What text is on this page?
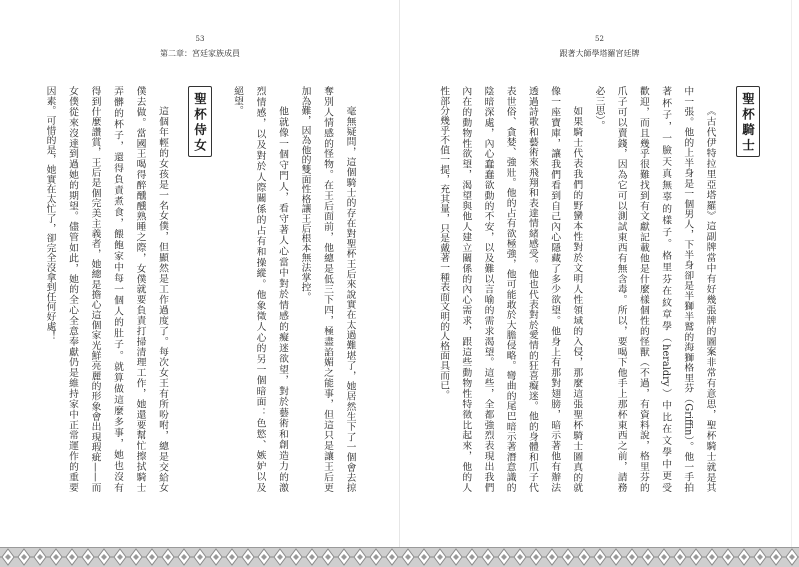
53
第二章：宮廷家族成員
毫無疑問，這個騎士的存在對聖杯王后來說實在太過難堪了，她居然生下了一個會去掠
奪別人情感的怪物。在王后面前，他總是低三下四，極盡諂媚之能事，但這只是讓王后更
加為難，因為他的雙面性格讓王后根本無法掌控。
他就像一個守門人，看守著人心當中對於情感的癡迷欲望，對於藝術和創造力的激
烈情感，以及對於人際關係的占有和操縱。他象徵人心的另一個暗面：色慾、嫉妒以及
絕望。
聖杯侍女
這個年輕的女孩是一名女僕，但顯然是工作過度了。每次女王有所吩咐，總是交給女
僕去做。當國王喝得醉醺醺熟睡之際，女僕就要負責打掃清理工作，她還要幫忙擦拭騎士
弄髒的杯子，還得負責煮食，餵飽家中每一個人的肚子。就算做這麼多事，她也沒有
得到什麼讚賞，王后是個完美主義者，她總是擔心這個家光鮮亮麗的形象會出現瑕疵——而
女僕從來沒達到過她的期望。儘管如此，她的全心全意奉獻仍是維持家中正常運作的重要
因素。可惜的是，她實在太忙了，卻完全沒拿到任何好處！
52
跟著大師學塔羅宮廷牌
聖杯騎士
《古代伊特拉里亞塔羅》這副牌當中有好幾張牌的圖案非常有意思，聖杯騎士就是其
中一張。他的上半身是一個男人，下半身卻是半獅半鷲的海獅格里芬（Griffin）。他一手拍
著杯子，一臉天真無辜的樣子。格里芬在紋章學（heraldry）中比在文學中更受
歡迎，而且幾乎很難找到有文獻記載他是什麼樣個性的怪獸（不過，有資料說，格里芬的
爪子可以賣錢，因為它可以測試東西有無含毒。所以，要喝下他手上那杯東西之前，請務
必三思）。
如果騎士代表我們的野蠻本性對於文明人性領域的入侵，那麼這張聖杯騎士圖真的就
像一座寶庫，讓我們看到自己內心隱藏了多少欲望。他身上有那對翅膀，暗示著他有辦法
透過詩歌和藝術來飛翔和表達情緒感受。他也代表對於愛情的狂喜癡迷。他的身體和爪子代
表世俗、貪婪、強壯。他的占有欲極強，他可能敢於大膽侵略。彎曲的尾巴暗示著潛意識的
陰暗深處，內心蠢蠢欲動的不安，以及難以言喻的需求渴望。這些，全都強烈表現出我們
內在的動物性欲望，渴望與他人建立關係的內心需求，跟這些動物性特徵比起來，他的人
性部分幾乎不值一提，充其量，只是戴著一種表面文明的人格面具而已。
